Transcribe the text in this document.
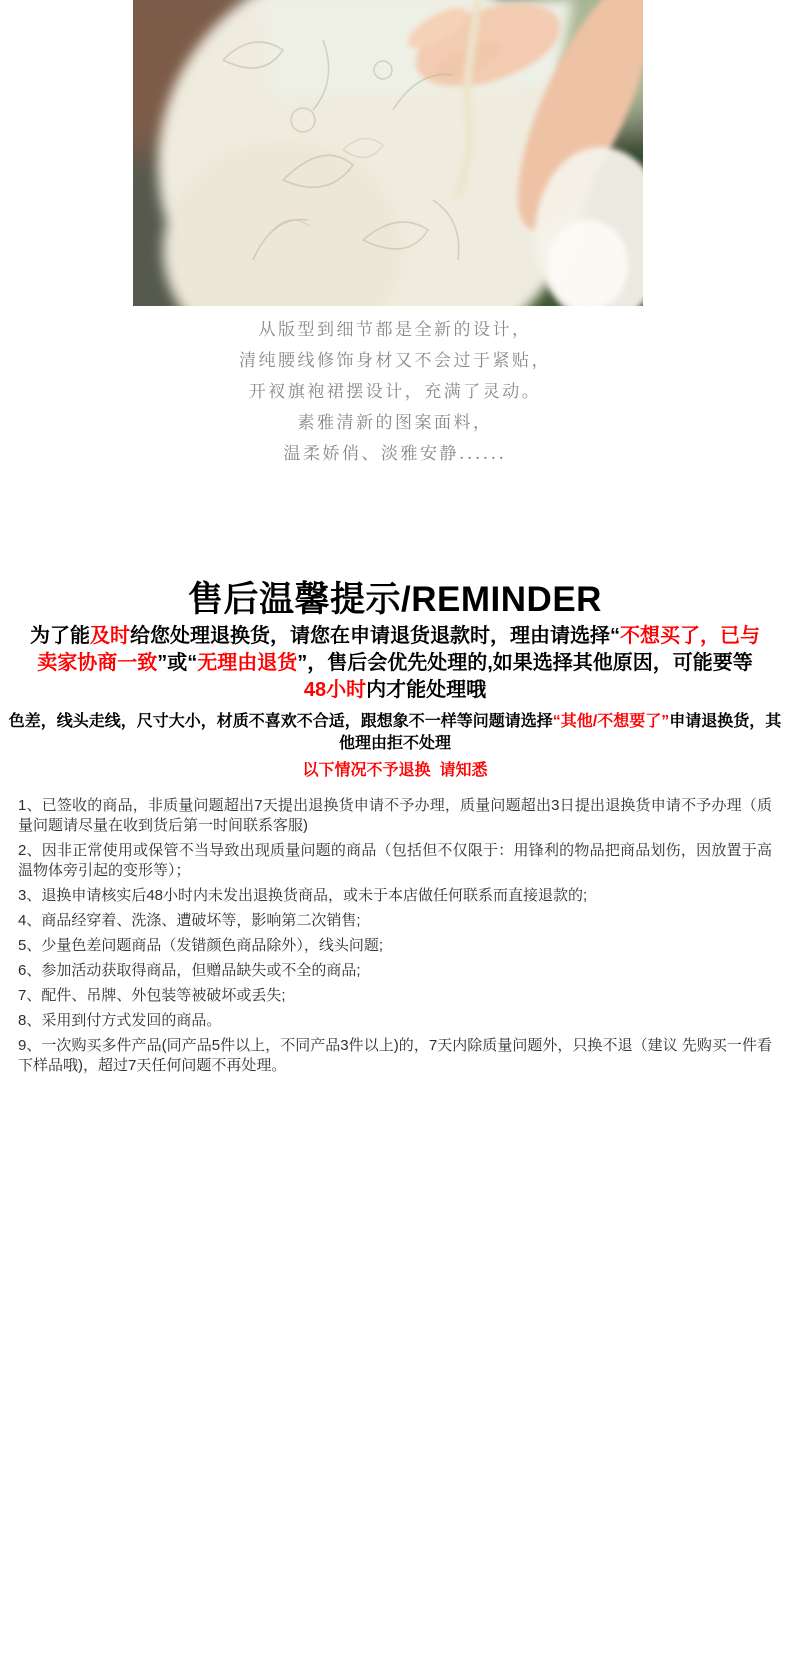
从版型到细节都是全新的设计，
清纯腰线修饰身材又不会过于紧贴，
开衩旗袍裙摆设计，充满了灵动。
素雅清新的图案面料，
温柔娇俏、淡雅安静......
售后温馨提示/REMINDER
为了能及时给您处理退换货，请您在申请退货退款时，理由请选择“不想买了，已与
卖家协商一致”或“无理由退货”，售后会优先处理的,如果选择其他原因，可能要等
48小时内才能处理哦
色差，线头走线，尺寸大小，材质不喜欢不合适，跟想象不一样等问题请选择“其他/不想要了”申请退换货，其
他理由拒不处理
以下情况不予退换  请知悉
1、已签收的商品，非质量问题超出7天提出退换货申请不予办理，质量问题超出3日提出退换货申请不予办理（质量问题请尽量在收到货后第一时间联系客服)
2、因非正常使用或保管不当导致出现质量问题的商品（包括但不仅限于：用锋利的物品把商品划伤，因放置于高温物体旁引起的变形等）；
3、退换申请核实后48小时内未发出退换货商品，或未于本店做任何联系而直接退款的;
4、商品经穿着、洗涤、遭破坏等，影响第二次销售;
5、少量色差问题商品（发错颜色商品除外），线头问题;
6、参加活动获取得商品，但赠品缺失或不全的商品;
7、配件、吊牌、外包装等被破坏或丢失;
8、采用到付方式发回的商品。
9、一次购买多件产品(同产品5件以上，不同产品3件以上)的，7天内除质量问题外，只换不退（建议 先购买一件看下样品哦)，超过7天任何问题不再处理。
